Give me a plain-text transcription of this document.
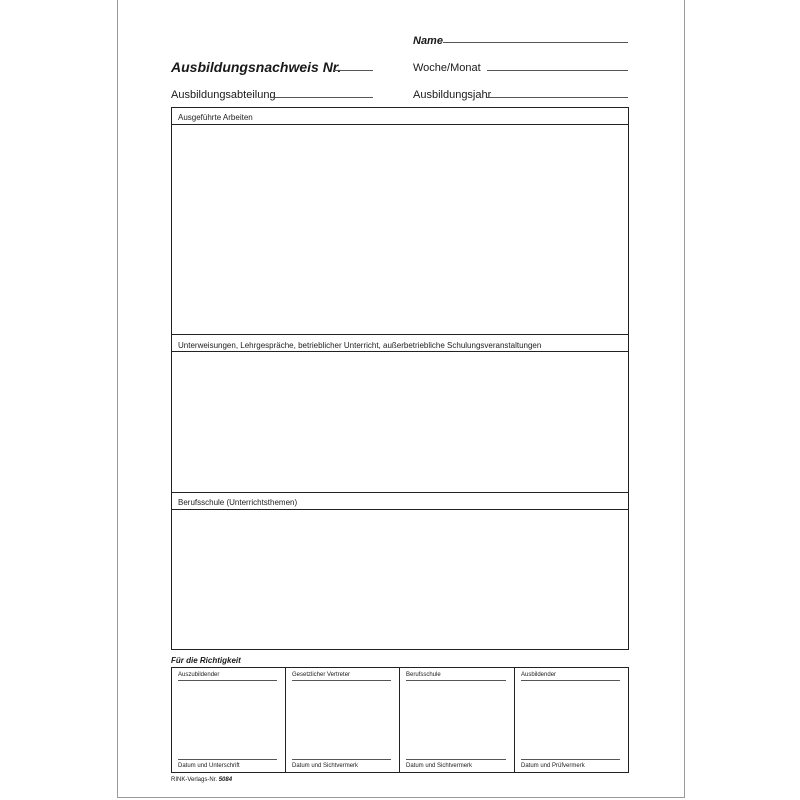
Name
Ausbildungsnachweis Nr.	Woche/Monat
Ausbildungsabteilung	Ausbildungsjahr
Ausgeführte Arbeiten
Unterweisungen, Lehrgespräche, betrieblicher Unterricht, außerbetriebliche Schulungsveranstaltungen
Berufsschule (Unterrichtsthemen)
Für die Richtigkeit
Auszubildender
Datum und Unterschrift
Gesetzlicher Vertreter
Datum und Sichtvermerk
Berufsschule
Datum und Sichtvermerk
Ausbildender
Datum und Prüfvermerk
RINK-Verlags-Nr. 5084
